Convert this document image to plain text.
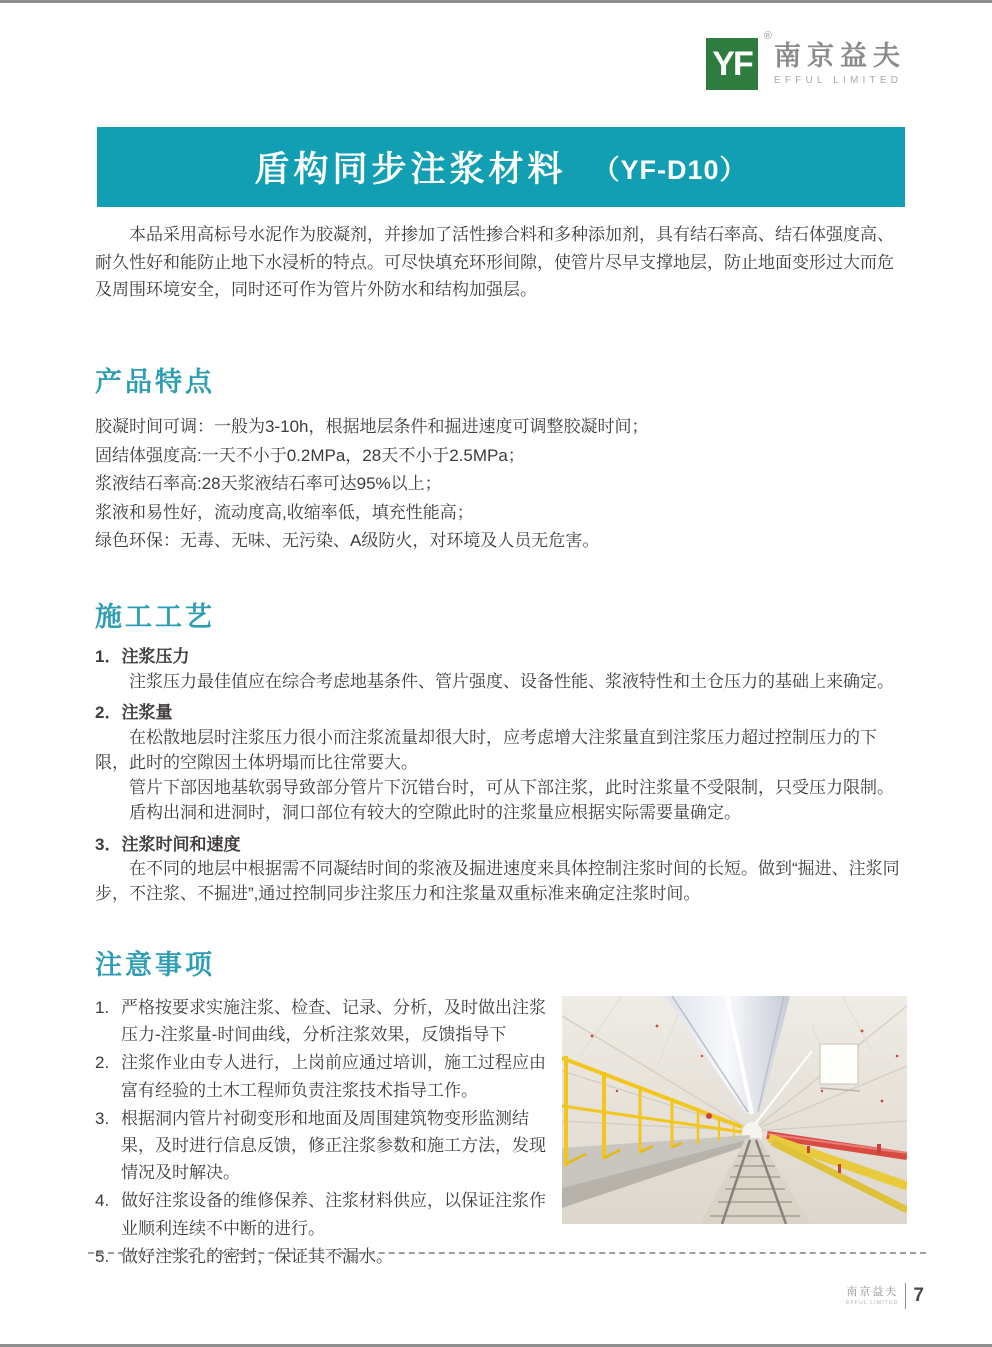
YF
®
南京益夫
EFFUL LIMITED
盾构同步注浆材料 （YF-D10）

本品采用高标号水泥作为胶凝剂，并掺加了活性掺合料和多种添加剂，具有结石率高、结石体强度高、耐久性好和能防止地下水浸析的特点。可尽快填充环形间隙，使管片尽早支撑地层，防止地面变形过大而危及周围环境安全，同时还可作为管片外防水和结构加强层。

产品特点
胶凝时间可调：一般为3-10h，根据地层条件和掘进速度可调整胶凝时间；
固结体强度高:一天不小于0.2MPa，28天不小于2.5MPa；
浆液结石率高:28天浆液结石率可达95%以上；
浆液和易性好，流动度高,收缩率低，填充性能高；
绿色环保：无毒、无味、无污染、A级防火，对环境及人员无危害。
施工工艺
1．注浆压力

注浆压力最佳值应在综合考虑地基条件、管片强度、设备性能、浆液特性和土仓压力的基础上来确定。

2．注浆量

在松散地层时注浆压力很小而注浆流量却很大时，应考虑增大注浆量直到注浆压力超过控制压力的下限，此时的空隙因土体坍塌而比往常要大。

管片下部因地基软弱导致部分管片下沉错台时，可从下部注浆，此时注浆量不受限制，只受压力限制。

盾构出洞和进洞时，洞口部位有较大的空隙此时的注浆量应根据实际需要量确定。

3．注浆时间和速度

在不同的地层中根据需不同凝结时间的浆液及掘进速度来具体控制注浆时间的长短。做到“掘进、注浆同步，不注浆、不掘进”,通过控制同步注浆压力和注浆量双重标准来确定注浆时间。

注意事项
1. 严格按要求实施注浆、检查、记录、分析，及时做出注浆压力-注浆量-时间曲线，分析注浆效果，反馈指导下
2. 注浆作业由专人进行，上岗前应通过培训，施工过程应由富有经验的土木工程师负责注浆技术指导工作。
3. 根据洞内管片衬砌变形和地面及周围建筑物变形监测结果，及时进行信息反馈，修正注浆参数和施工方法，发现情况及时解决。
4. 做好注浆设备的维修保养、注浆材料供应，以保证注浆作业顺利连续不中断的进行。
5. 做好注浆孔的密封，保证其不漏水。
南京益夫
EFFUL LIMITED 7
